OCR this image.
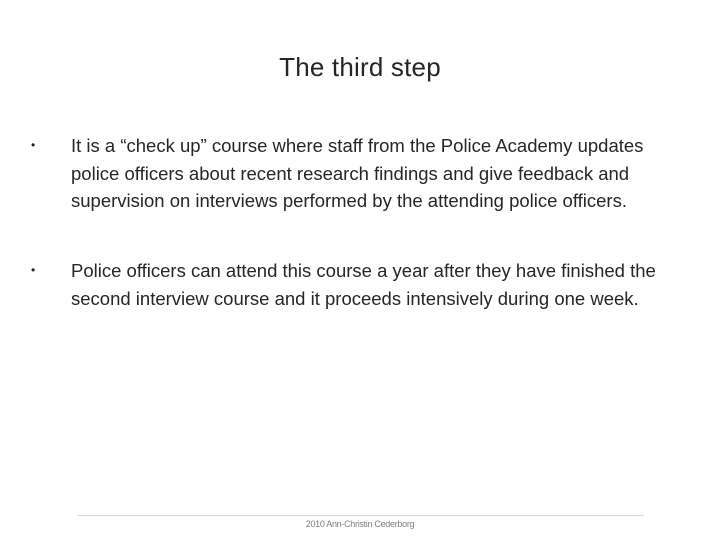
The third step
• It is a “check up” course where staff from the Police Academy updates police officers about recent research findings and give feedback and supervision on interviews performed by the attending police officers.
• Police officers can attend this course a year after they have finished the second interview course and it proceeds intensively during one week.
2010 Ann-Christin Cederborg
